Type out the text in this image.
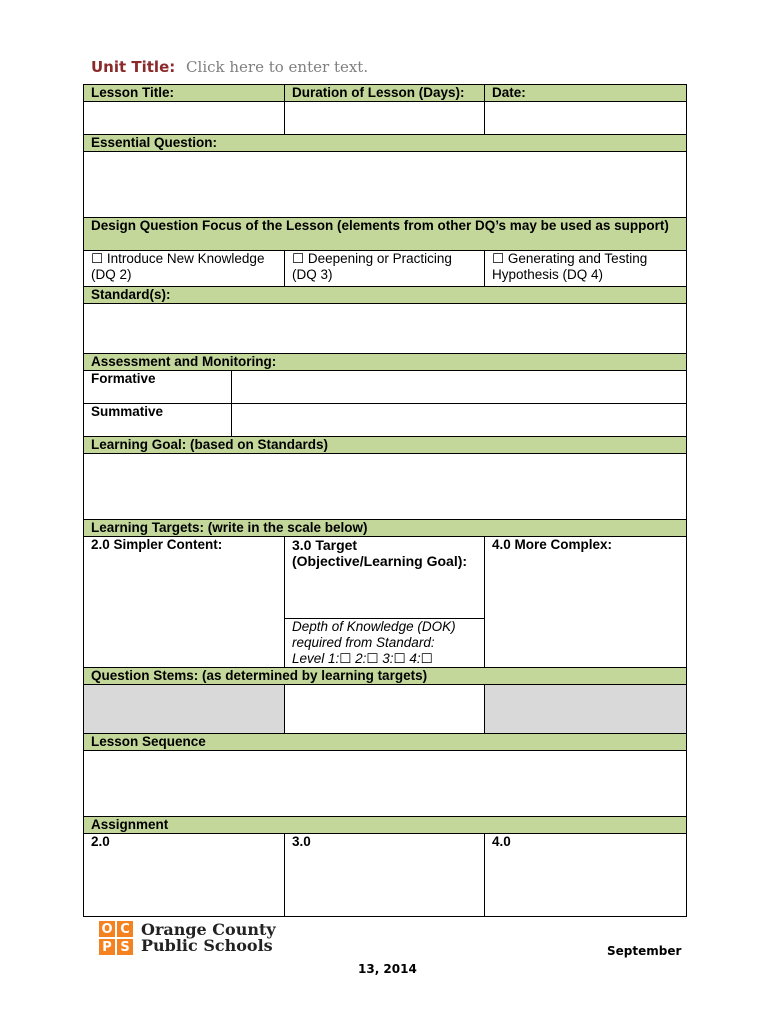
Unit Title: Click here to enter text.
Lesson Title:		Duration of Lesson (Days):	Date:

Essential Question:			

Design Question Focus of the Lesson (elements from other DQ’s may be used as support)			
☐ Introduce New Knowledge (DQ 2)		☐ Deepening or Practicing (DQ 3)	☐ Generating and Testing Hypothesis (DQ 4)
Standard(s):			

Assessment and Monitoring:			
Formative			
Summative			
Learning Goal: (based on Standards)			

Learning Targets: (write in the scale below)			
2.0 Simpler Content:		3.0 Target (Objective/Learning Goal):	4.0 More Complex:

		Depth of Knowledge (DOK) required from Standard:
Level 1:☐ 2:☐ 3:☐ 4:☐	

Question Stems: (as determined by learning targets)			

Lesson Sequence			

Assignment			
2.0		3.0	4.0
O C
P S
Orange County
Public Schools	September
13, 2014
